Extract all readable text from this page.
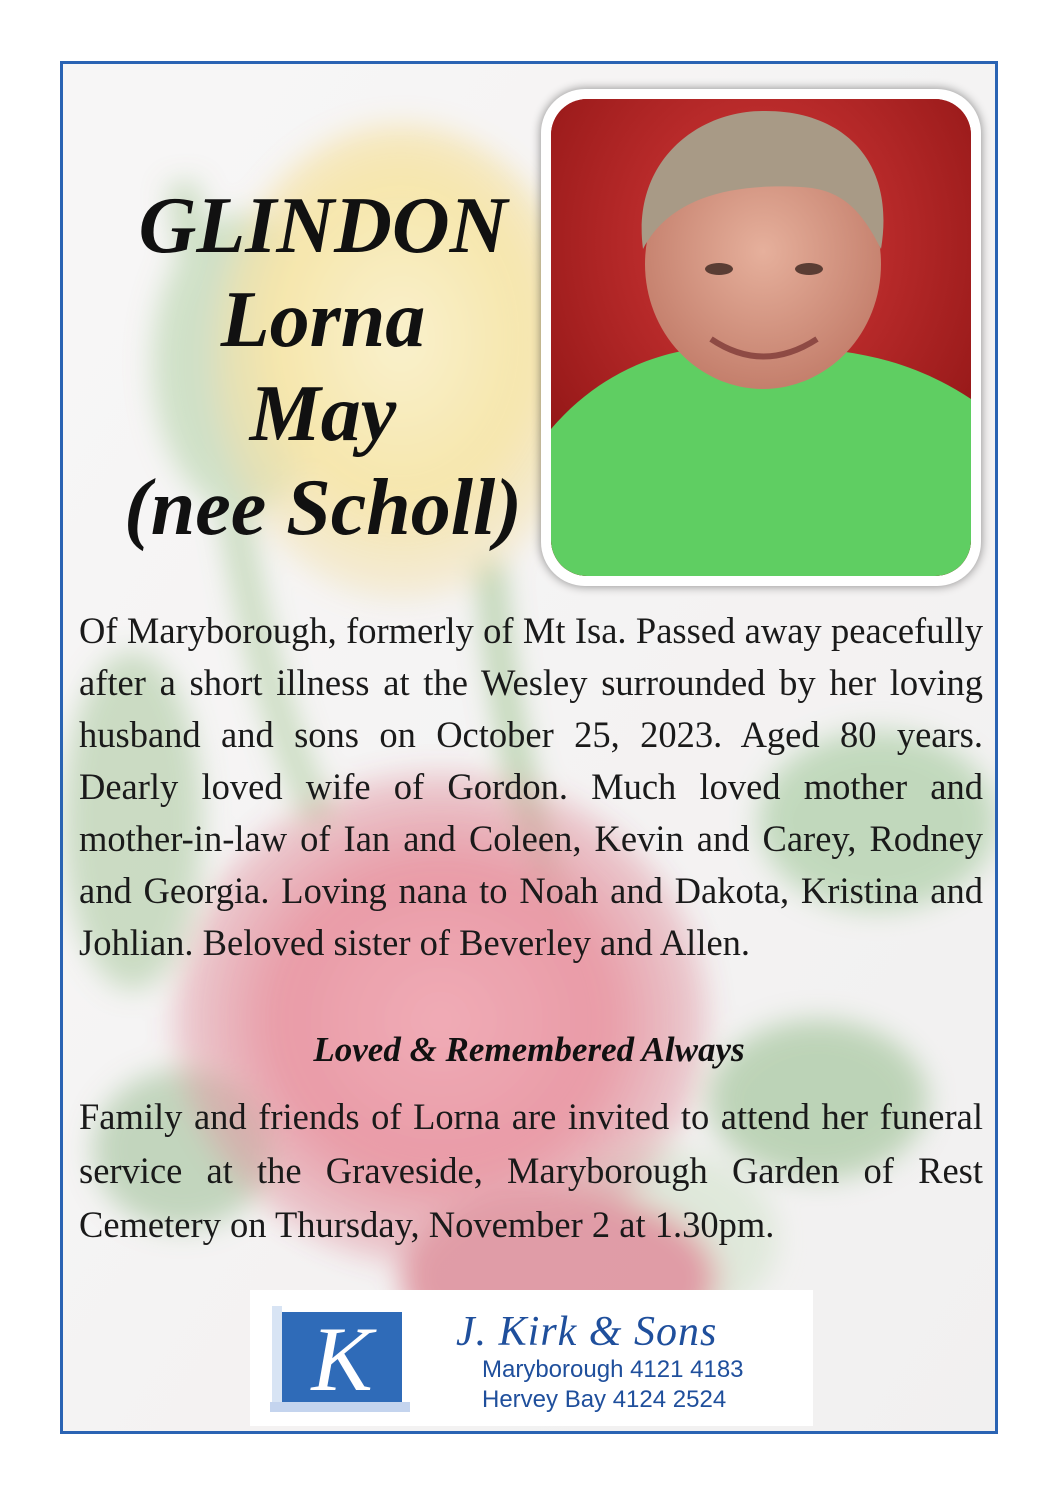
GLINDON
Lorna
May
(nee Scholl)

Of Maryborough, formerly of Mt Isa. Passed away peacefully after a short illness at the Wesley surrounded by her loving husband and sons on October 25, 2023. Aged 80 years. Dearly loved wife of Gordon. Much loved mother and mother-in-law of Ian and Coleen, Kevin and Carey, Rodney and Georgia. Loving nana to Noah and Dakota, Kristina and Johlian. Beloved sister of Beverley and Allen.

Loved & Remembered Always

Family and friends of Lorna are invited to attend her funeral service at the Graveside, Maryborough Garden of Rest Cemetery on Thursday, November 2 at 1.30pm.

K J. Kirk & Sons
Maryborough 4121 4183
Hervey Bay 4124 2524
